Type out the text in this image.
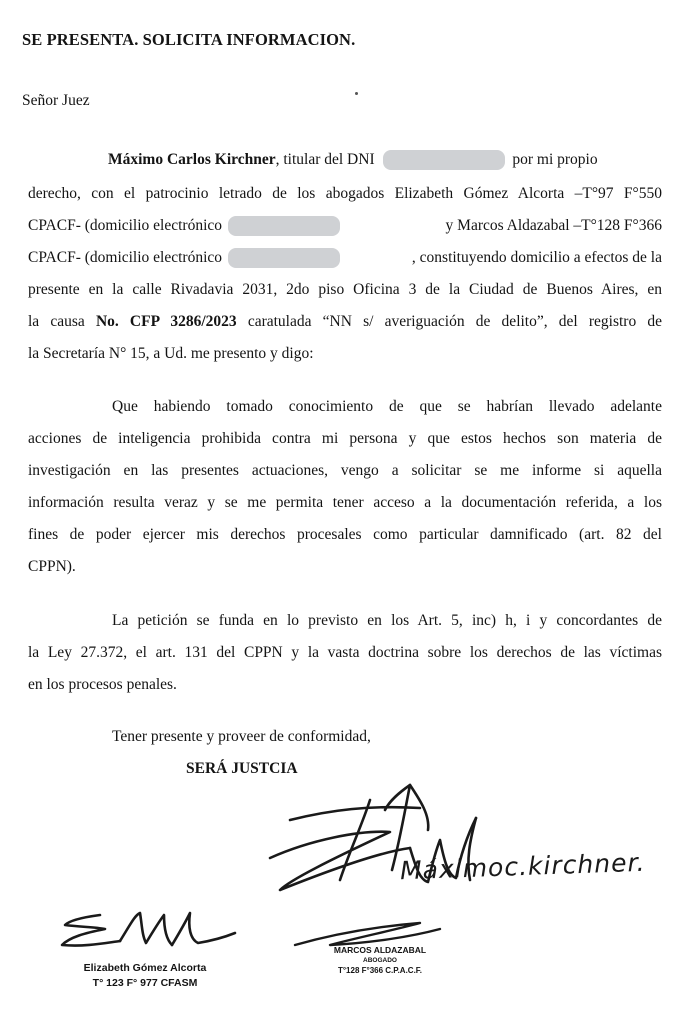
SE PRESENTA. SOLICITA INFORMACION.
Señor Juez
Máximo Carlos Kirchner, titular del DNI	por mi propio
derecho, con el patrocinio letrado de los abogados Elizabeth Gómez Alcorta –T°97 F°550
CPACF- (domicilio electrónico	y Marcos Aldazabal –T°128 F°366
CPACF- (domicilio electrónico	, constituyendo domicilio a efectos de la
presente en la calle Rivadavia 2031, 2do piso Oficina 3 de la Ciudad de Buenos Aires, en
la causa No. CFP 3286/2023 caratulada “NN s/ averiguación de delito”, del registro de
la Secretaría N° 15, a Ud. me presento y digo:
Que habiendo tomado conocimiento de que se habrían llevado adelante
acciones de inteligencia prohibida contra mi persona y que estos hechos son materia de
investigación en las presentes actuaciones, vengo a solicitar se me informe si aquella
información resulta veraz y se me permita tener acceso a la documentación referida, a los
fines de poder ejercer mis derechos procesales como particular damnificado (art. 82 del
CPPN).
La petición se funda en lo previsto en los Art. 5, inc) h, i y concordantes de
la Ley 27.372, el art. 131 del CPPN y la vasta doctrina sobre los derechos de las víctimas
en los procesos penales.
Tener presente y proveer de conformidad,
SERÁ JUSTCIA
Máximoc.kirchner.
Elizabeth Gómez Alcorta
T° 123 F° 977 CFASM
MARCOS ALDAZABAL
ABOGADO
T°128 F°366 C.P.A.C.F.
